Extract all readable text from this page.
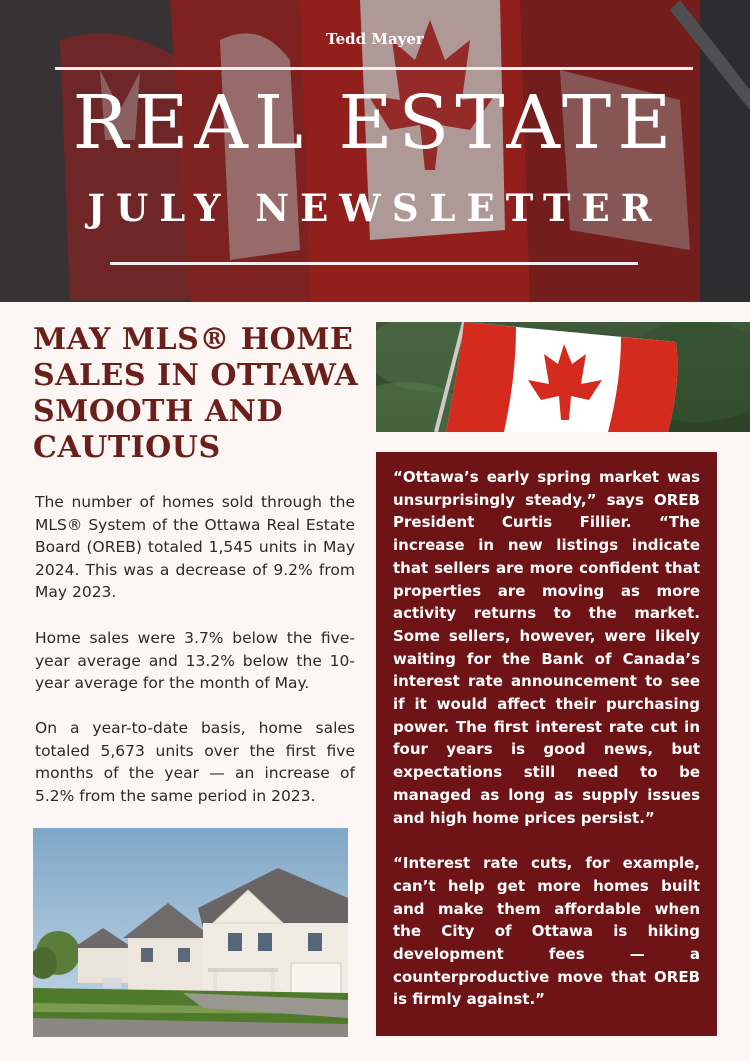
Tedd Mayer
REAL ESTATE
JULY NEWSLETTER
MAY MLS® HOME SALES IN OTTAWA SMOOTH AND CAUTIOUS
The number of homes sold through the MLS® System of the Ottawa Real Estate Board (OREB) totaled 1,545 units in May 2024. This was a decrease of 9.2% from May 2023.
Home sales were 3.7% below the five-year average and 13.2% below the 10-year average for the month of May.
On a year-to-date basis, home sales totaled 5,673 units over the first five months of the year — an increase of 5.2% from the same period in 2023.

“Ottawa’s early spring market was unsurprisingly steady,” says OREB President Curtis Fillier. “The increase in new listings indicate that sellers are more confident that properties are moving as more activity returns to the market. Some sellers, however, were likely waiting for the Bank of Canada’s interest rate announcement to see if it would affect their purchasing power. The first interest rate cut in four years is good news, but expectations still need to be managed as long as supply issues and high home prices persist.”

“Interest rate cuts, for example, can’t help get more homes built and make them affordable when the City of Ottawa is hiking development fees — a counterproductive move that OREB is firmly against.”
